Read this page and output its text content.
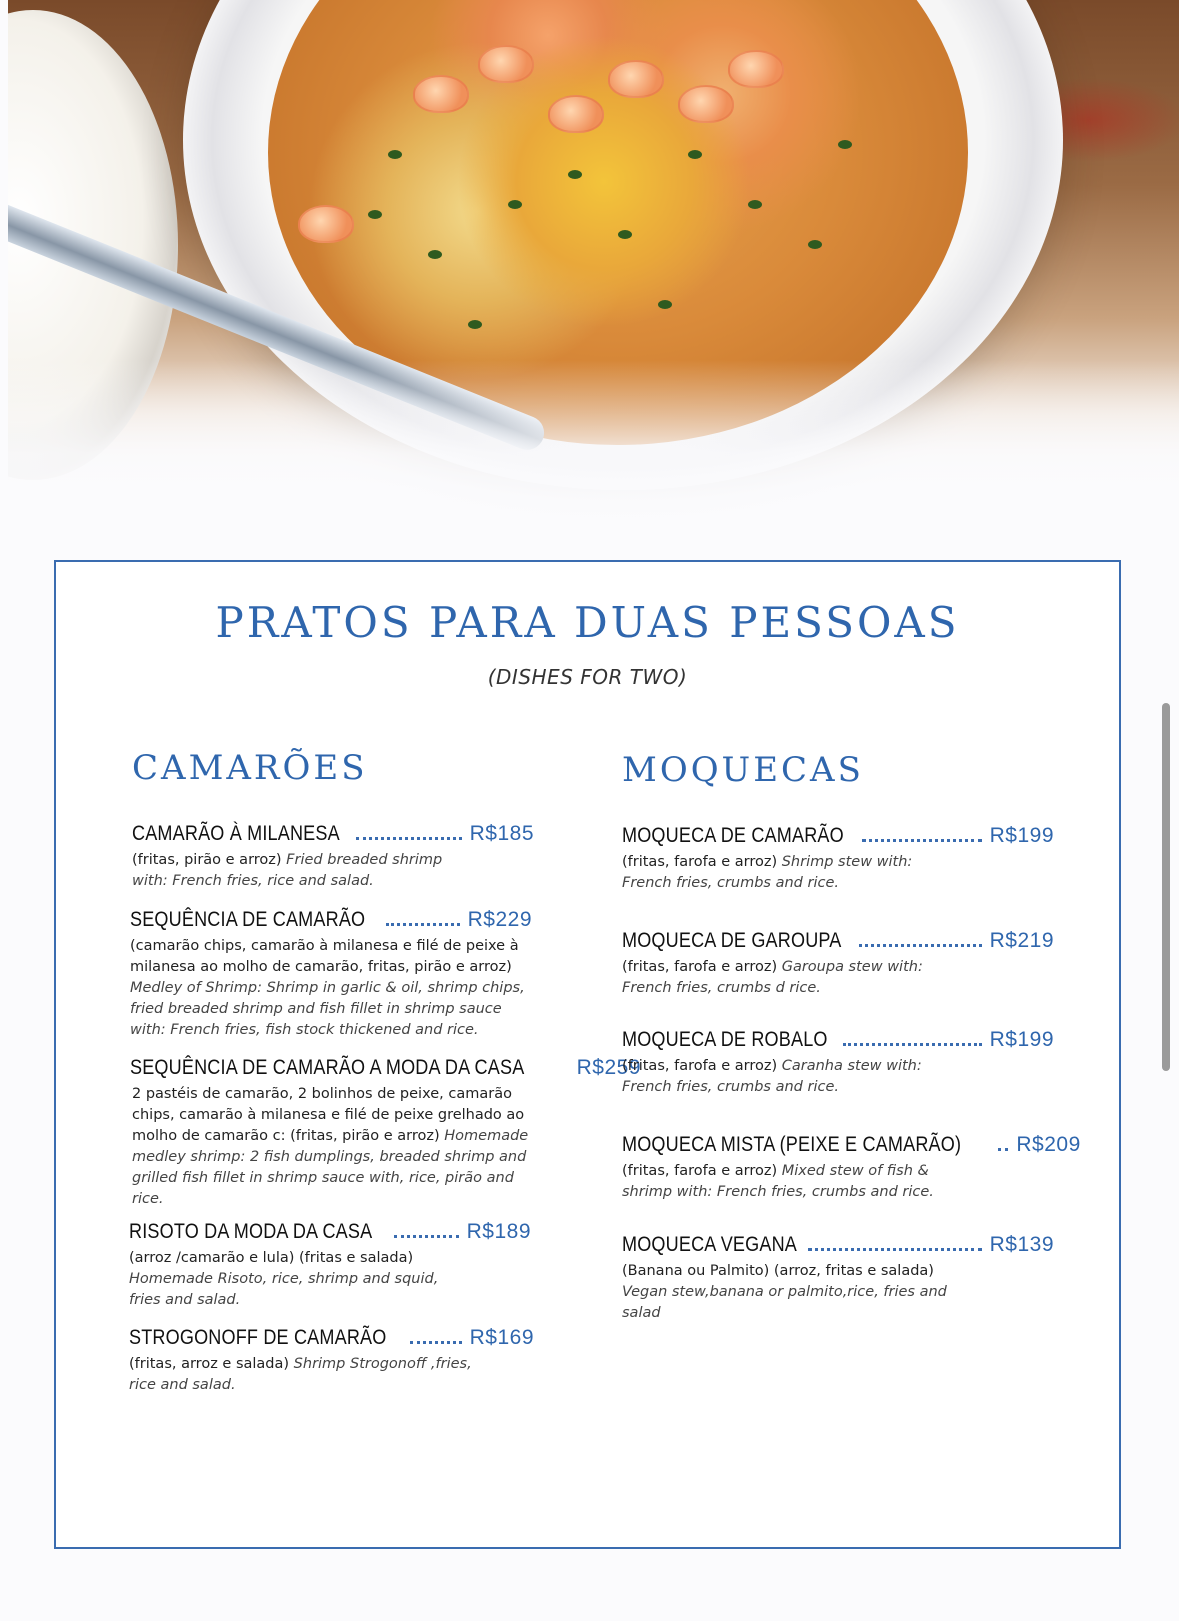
PRATOS PARA DUAS PESSOAS
(DISHES FOR TWO)
CAMARÕES
CAMARÃO À MILANESA	R$185
(fritas, pirão e arroz) Fried breaded shrimp with: French fries, rice and salad.
SEQUÊNCIA DE CAMARÃO	R$229
(camarão chips, camarão à milanesa e filé de peixe à milanesa ao molho de camarão, fritas, pirão e arroz) Medley of Shrimp: Shrimp in garlic & oil, shrimp chips, fried breaded shrimp and fish fillet in shrimp sauce with: French fries, fish stock thickened and rice.
SEQUÊNCIA DE CAMARÃO A MODA DA CASA R$259
2 pastéis de camarão, 2 bolinhos de peixe, camarão chips, camarão à milanesa e filé de peixe grelhado ao molho de camarão c: (fritas, pirão e arroz) Homemade medley shrimp: 2 fish dumplings, breaded shrimp and grilled fish fillet in shrimp sauce with, rice, pirão and rice.
RISOTO DA MODA DA CASA	R$189
(arroz /camarão e lula) (fritas e salada)
Homemade Risoto, rice, shrimp and squid, fries and salad.
STROGONOFF DE CAMARÃO	R$169
(fritas, arroz e salada) Shrimp Strogonoff ,fries, rice and salad.
MOQUECAS
MOQUECA DE CAMARÃO	R$199
(fritas, farofa e arroz) Shrimp stew with: French fries, crumbs and rice.
MOQUECA DE GAROUPA	R$219
(fritas, farofa e arroz) Garoupa stew with: French fries, crumbs d rice.
MOQUECA DE ROBALO	R$199
(fritas, farofa e arroz) Caranha stew with: French fries, crumbs and rice.
MOQUECA MISTA (PEIXE E CAMARÃO)	R$209
(fritas, farofa e arroz) Mixed stew of fish & shrimp with: French fries, crumbs and rice.
MOQUECA VEGANA	R$139
(Banana ou Palmito) (arroz, fritas e salada)
Vegan stew,banana or palmito,rice, fries and salad
